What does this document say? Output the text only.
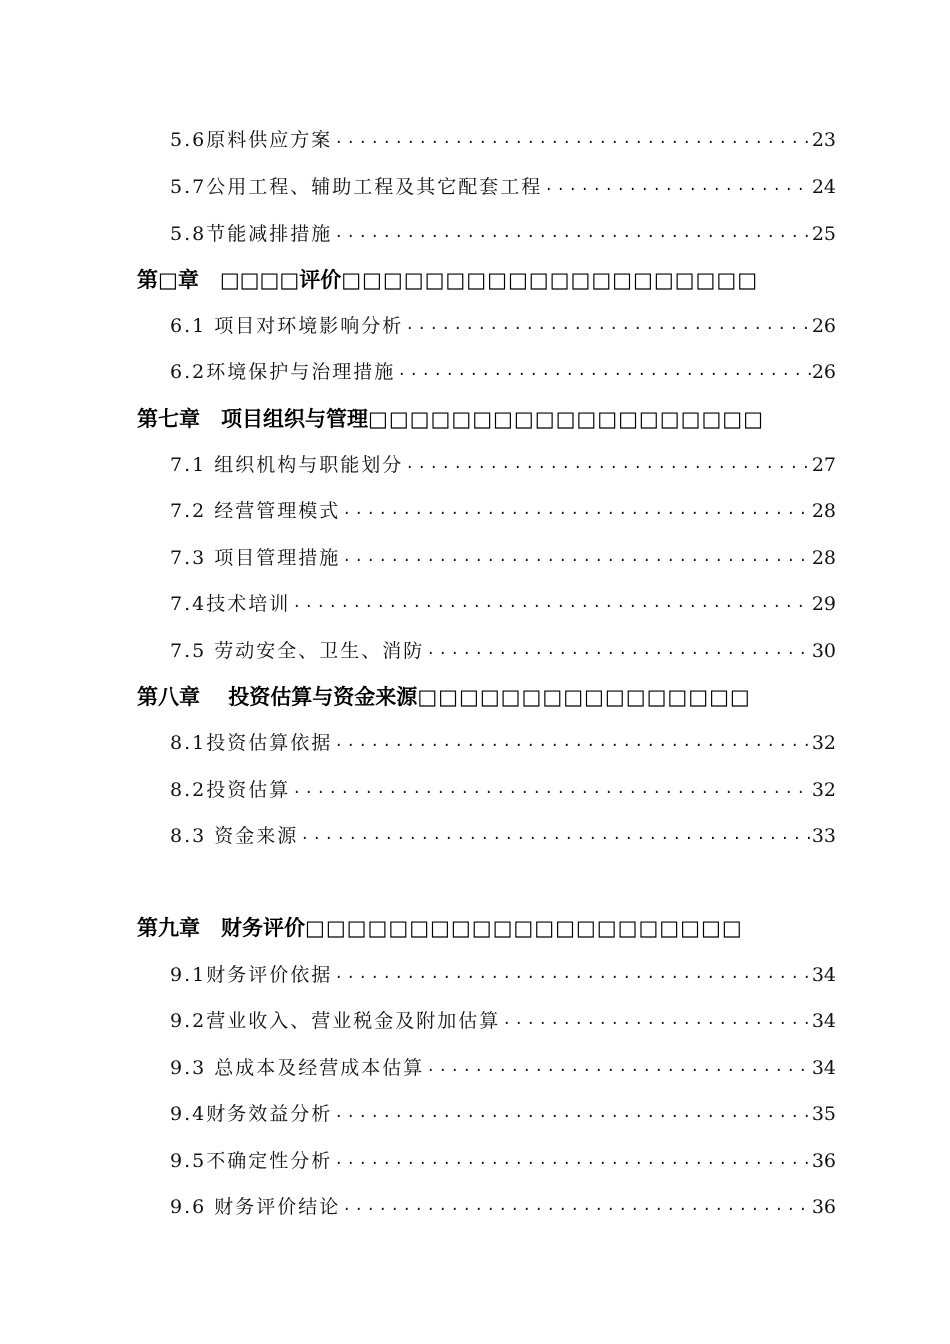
5.6原料供应方案 .....	23
5.7公用工程、辅助工程及其它配套工程 .....	24
5.8节能减排措施 .....	25
第□章　□□□□评价□□□□□□□□□□□□□□□□□□□□
6.1 项目对环境影响分析 .....	26
6.2环境保护与治理措施 .....	26
第七章　项目组织与管理□□□□□□□□□□□□□□□□□□□
7.1 组织机构与职能划分 .....	27
7.2 经营管理模式 .....	28
7.3 项目管理措施 .....	28
7.4技术培训 .....	29
7.5 劳动安全、卫生、消防 .....	30
第八章　 投资估算与资金来源□□□□□□□□□□□□□□□□
8.1投资估算依据 .....	32
8.2投资估算 .....	32
8.3 资金来源 .....	33
第九章　财务评价□□□□□□□□□□□□□□□□□□□□□
9.1财务评价依据 .....	34
9.2营业收入、营业税金及附加估算 .....	34
9.3 总成本及经营成本估算 .....	34
9.4财务效益分析 .....	35
9.5不确定性分析 .....	36
9.6 财务评价结论 .....	36
